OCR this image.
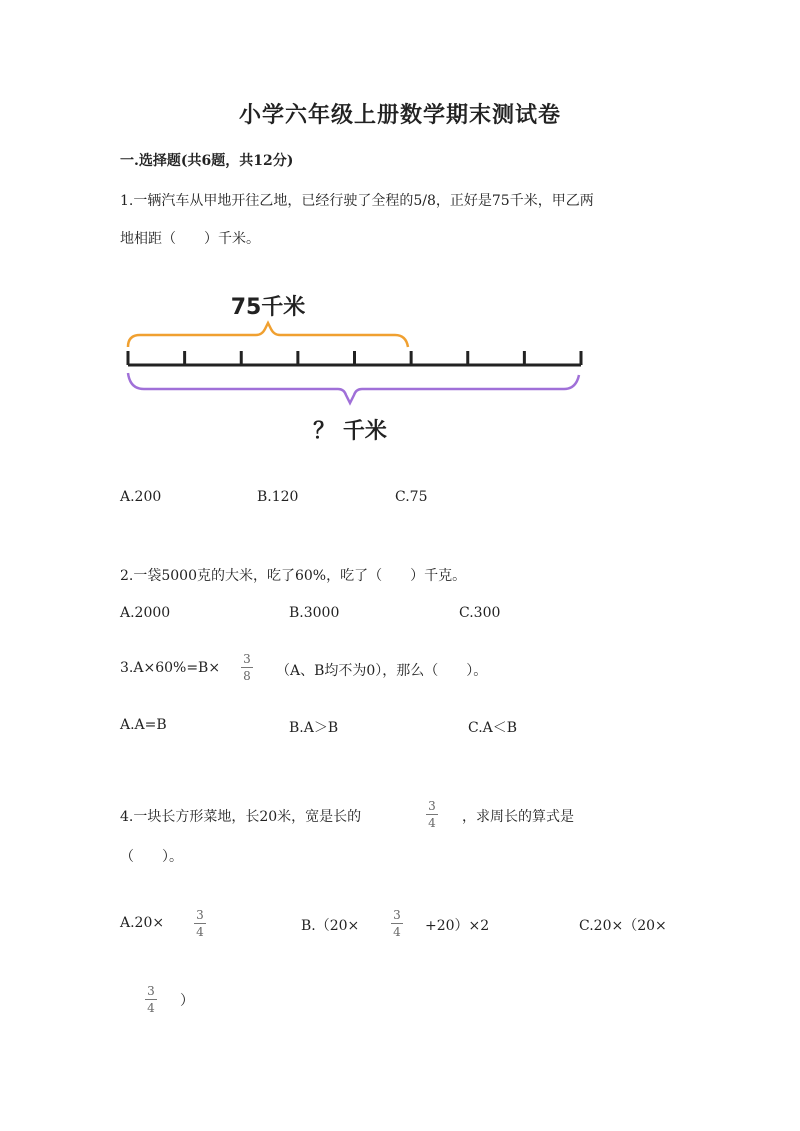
小学六年级上册数学期末测试卷
一.选择题(共6题，共12分)
1.一辆汽车从甲地开往乙地，已经行驶了全程的5/8，正好是75千米，甲乙两
地相距（　　）千米。
75千米
？ 千米
A.200	B.120	C.75
2.一袋5000克的大米，吃了60%，吃了（　　）千克。
A.2000	B.3000	C.300
3.A×60%=B×
3
8 （A、B均不为0），那么（　　）。
A.A=B	B.A＞B	C.A＜B
4.一块长方形菜地，长20米，宽是长的
3
4 ，求周长的算式是
（　　）。
A.20×	3
4	B.（20×
3
4 +20）×2	C.20×（20×
3
4 ）
